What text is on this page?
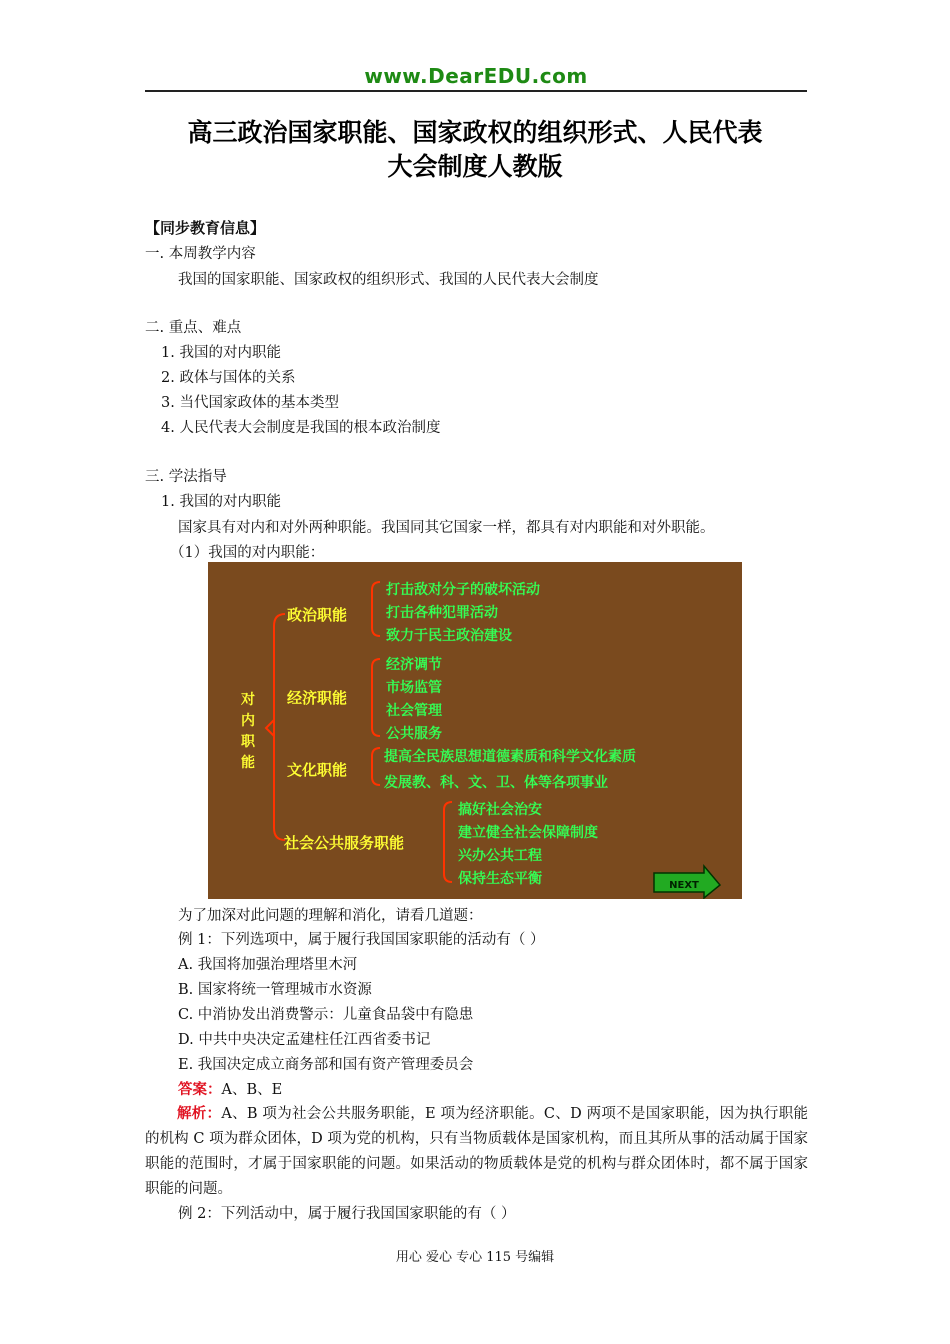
www.DearEDU.com
高三政治国家职能、国家政权的组织形式、人民代表
大会制度人教版
【同步教育信息】
一. 本周教学内容
我国的国家职能、国家政权的组织形式、我国的人民代表大会制度
二. 重点、难点
1. 我国的对内职能
2. 政体与国体的关系
3. 当代国家政体的基本类型
4. 人民代表大会制度是我国的根本政治制度
三. 学法指导
1. 我国的对内职能
国家具有对内和对外两种职能。我国同其它国家一样，都具有对内职能和对外职能。
（1）我国的对内职能：
对
内
职
能
政治职能
经济职能
文化职能
社会公共服务职能
打击敌对分子的破坏活动
打击各种犯罪活动
致力于民主政治建设
经济调节
市场监管
社会管理
公共服务
提高全民族思想道德素质和科学文化素质
发展教、科、文、卫、体等各项事业
搞好社会治安
建立健全社会保障制度
兴办公共工程
保持生态平衡	NEXT
为了加深对此问题的理解和消化，请看几道题：
例 1：下列选项中，属于履行我国国家职能的活动有（ ）
A. 我国将加强治理塔里木河
B. 国家将统一管理城市水资源
C. 中消协发出消费警示：儿童食品袋中有隐患
D. 中共中央决定孟建柱任江西省委书记
E. 我国决定成立商务部和国有资产管理委员会
答案：A、B、E
解析：A、B 项为社会公共服务职能，E 项为经济职能。C、D 两项不是国家职能，因为执行职能的机构 C 项为群众团体，D 项为党的机构，只有当物质载体是国家机构，而且其所从事的活动属于国家职能的范围时，才属于国家职能的问题。如果活动的物质载体是党的机构与群众团体时，都不属于国家职能的问题。
例 2：下列活动中，属于履行我国国家职能的有（ ）
用心 爱心 专心 115 号编辑
